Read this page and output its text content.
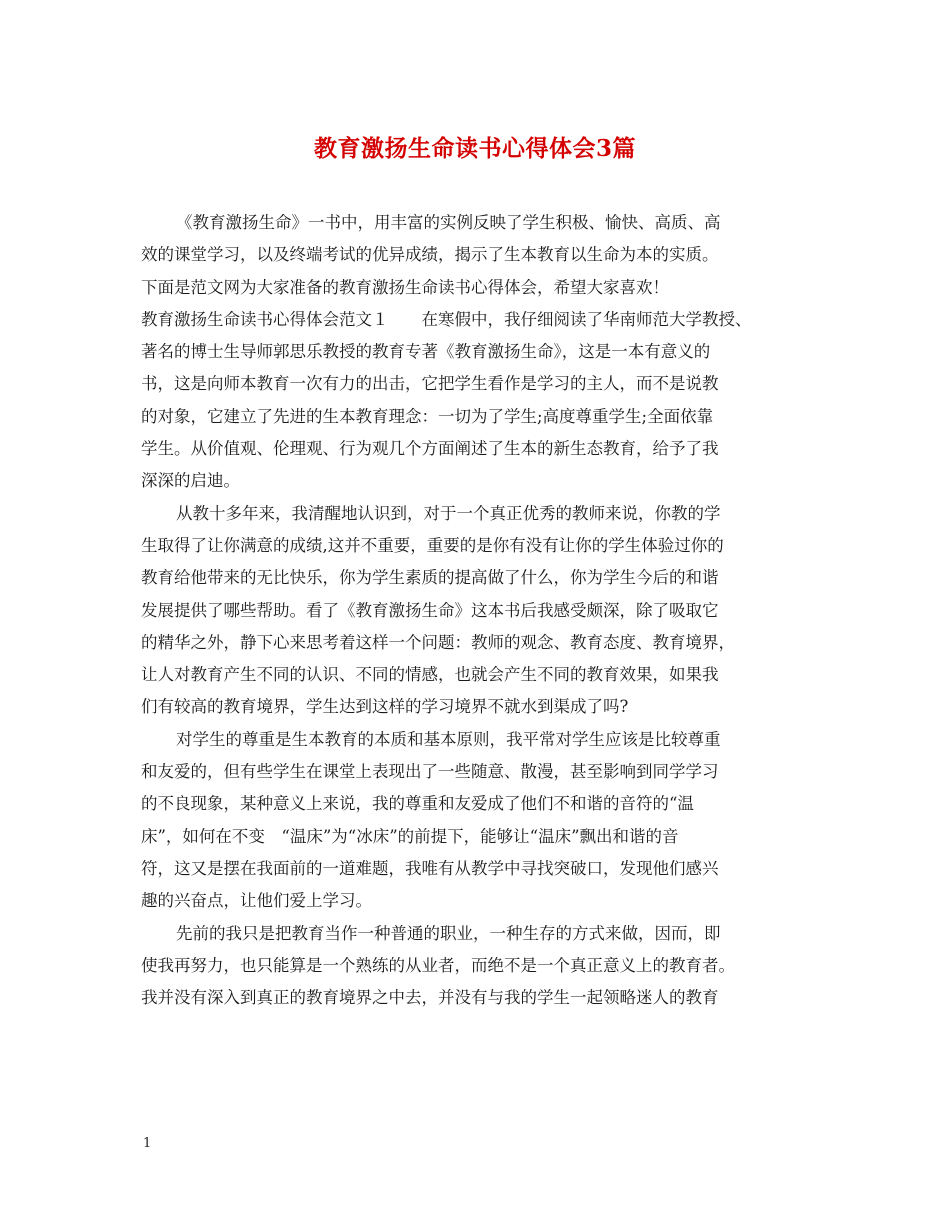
教育激扬生命读书心得体会3篇
《教育激扬生命》一书中，用丰富的实例反映了学生积极、愉快、高质、高
效的课堂学习，以及终端考试的优异成绩，揭示了生本教育以生命为本的实质。
下面是范文网为大家准备的教育激扬生命读书心得体会，希望大家喜欢！
教育激扬生命读书心得体会范文１　　在寒假中，我仔细阅读了华南师范大学教授、
著名的博士生导师郭思乐教授的教育专著《教育激扬生命》，这是一本有意义的
书，这是向师本教育一次有力的出击，它把学生看作是学习的主人，而不是说教
的对象，它建立了先进的生本教育理念：一切为了学生;高度尊重学生;全面依靠
学生。从价值观、伦理观、行为观几个方面阐述了生本的新生态教育，给予了我
深深的启迪。
从教十多年来，我清醒地认识到，对于一个真正优秀的教师来说，你教的学
生取得了让你满意的成绩,这并不重要，重要的是你有没有让你的学生体验过你的
教育给他带来的无比快乐，你为学生素质的提高做了什么，你为学生今后的和谐
发展提供了哪些帮助。看了《教育激扬生命》这本书后我感受颇深，除了吸取它
的精华之外，静下心来思考着这样一个问题：教师的观念、教育态度、教育境界，
让人对教育产生不同的认识、不同的情感，也就会产生不同的教育效果，如果我
们有较高的教育境界，学生达到这样的学习境界不就水到渠成了吗?
对学生的尊重是生本教育的本质和基本原则，我平常对学生应该是比较尊重
和友爱的，但有些学生在课堂上表现出了一些随意、散漫，甚至影响到同学学习
的不良现象，某种意义上来说，我的尊重和友爱成了他们不和谐的音符的“温
床”，如何在不变　“温床”为“冰床”的前提下，能够让“温床”飘出和谐的音
符，这又是摆在我面前的一道难题，我唯有从教学中寻找突破口，发现他们感兴
趣的兴奋点，让他们爱上学习。
先前的我只是把教育当作一种普通的职业，一种生存的方式来做，因而，即
使我再努力，也只能算是一个熟练的从业者，而绝不是一个真正意义上的教育者。
我并没有深入到真正的教育境界之中去，并没有与我的学生一起领略迷人的教育
1
